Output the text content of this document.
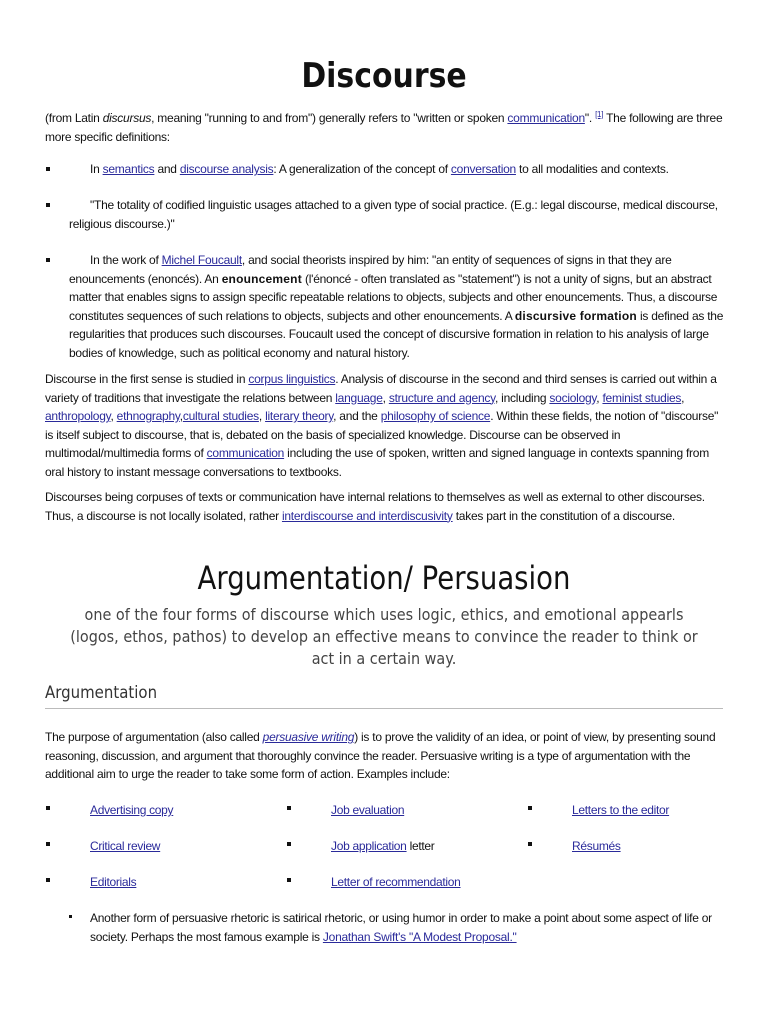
Discourse
(from Latin discursus, meaning "running to and from") generally refers to "written or spoken communication". [1] The following are three more specific definitions:
In semantics and discourse analysis: A generalization of the concept of conversation to all modalities and contexts.
"The totality of codified linguistic usages attached to a given type of social practice. (E.g.: legal discourse, medical discourse, religious discourse.)"
In the work of Michel Foucault, and social theorists inspired by him: "an entity of sequences of signs in that they are enouncements (enoncés). An enouncement (l'énoncé - often translated as "statement") is not a unity of signs, but an abstract matter that enables signs to assign specific repeatable relations to objects, subjects and other enouncements. Thus, a discourse constitutes sequences of such relations to objects, subjects and other enouncements. A discursive formation is defined as the regularities that produces such discourses. Foucault used the concept of discursive formation in relation to his analysis of large bodies of knowledge, such as political economy and natural history.
Discourse in the first sense is studied in corpus linguistics. Analysis of discourse in the second and third senses is carried out within a variety of traditions that investigate the relations between language, structure and agency, including sociology, feminist studies, anthropology, ethnography,cultural studies, literary theory, and the philosophy of science. Within these fields, the notion of "discourse" is itself subject to discourse, that is, debated on the basis of specialized knowledge. Discourse can be observed in multimodal/multimedia forms of communication including the use of spoken, written and signed language in contexts spanning from oral history to instant message conversations to textbooks.
Discourses being corpuses of texts or communication have internal relations to themselves as well as external to other discourses. Thus, a discourse is not locally isolated, rather interdiscourse and interdiscusivity takes part in the constitution of a discourse.
Argumentation/ Persuasion
one of the four forms of discourse which uses logic, ethics, and emotional appearls (logos, ethos, pathos) to develop an effective means to convince the reader to think or act in a certain way.
Argumentation
The purpose of argumentation (also called persuasive writing) is to prove the validity of an idea, or point of view, by presenting sound reasoning, discussion, and argument that thoroughly convince the reader. Persuasive writing is a type of argumentation with the additional aim to urge the reader to take some form of action. Examples include:
Advertising copy	Job evaluation	Letters to the editor
Critical review	Job application letter	Résumés
Editorials	Letter of recommendation
Another form of persuasive rhetoric is satirical rhetoric, or using humor in order to make a point about some aspect of life or society. Perhaps the most famous example is Jonathan Swift's "A Modest Proposal."
